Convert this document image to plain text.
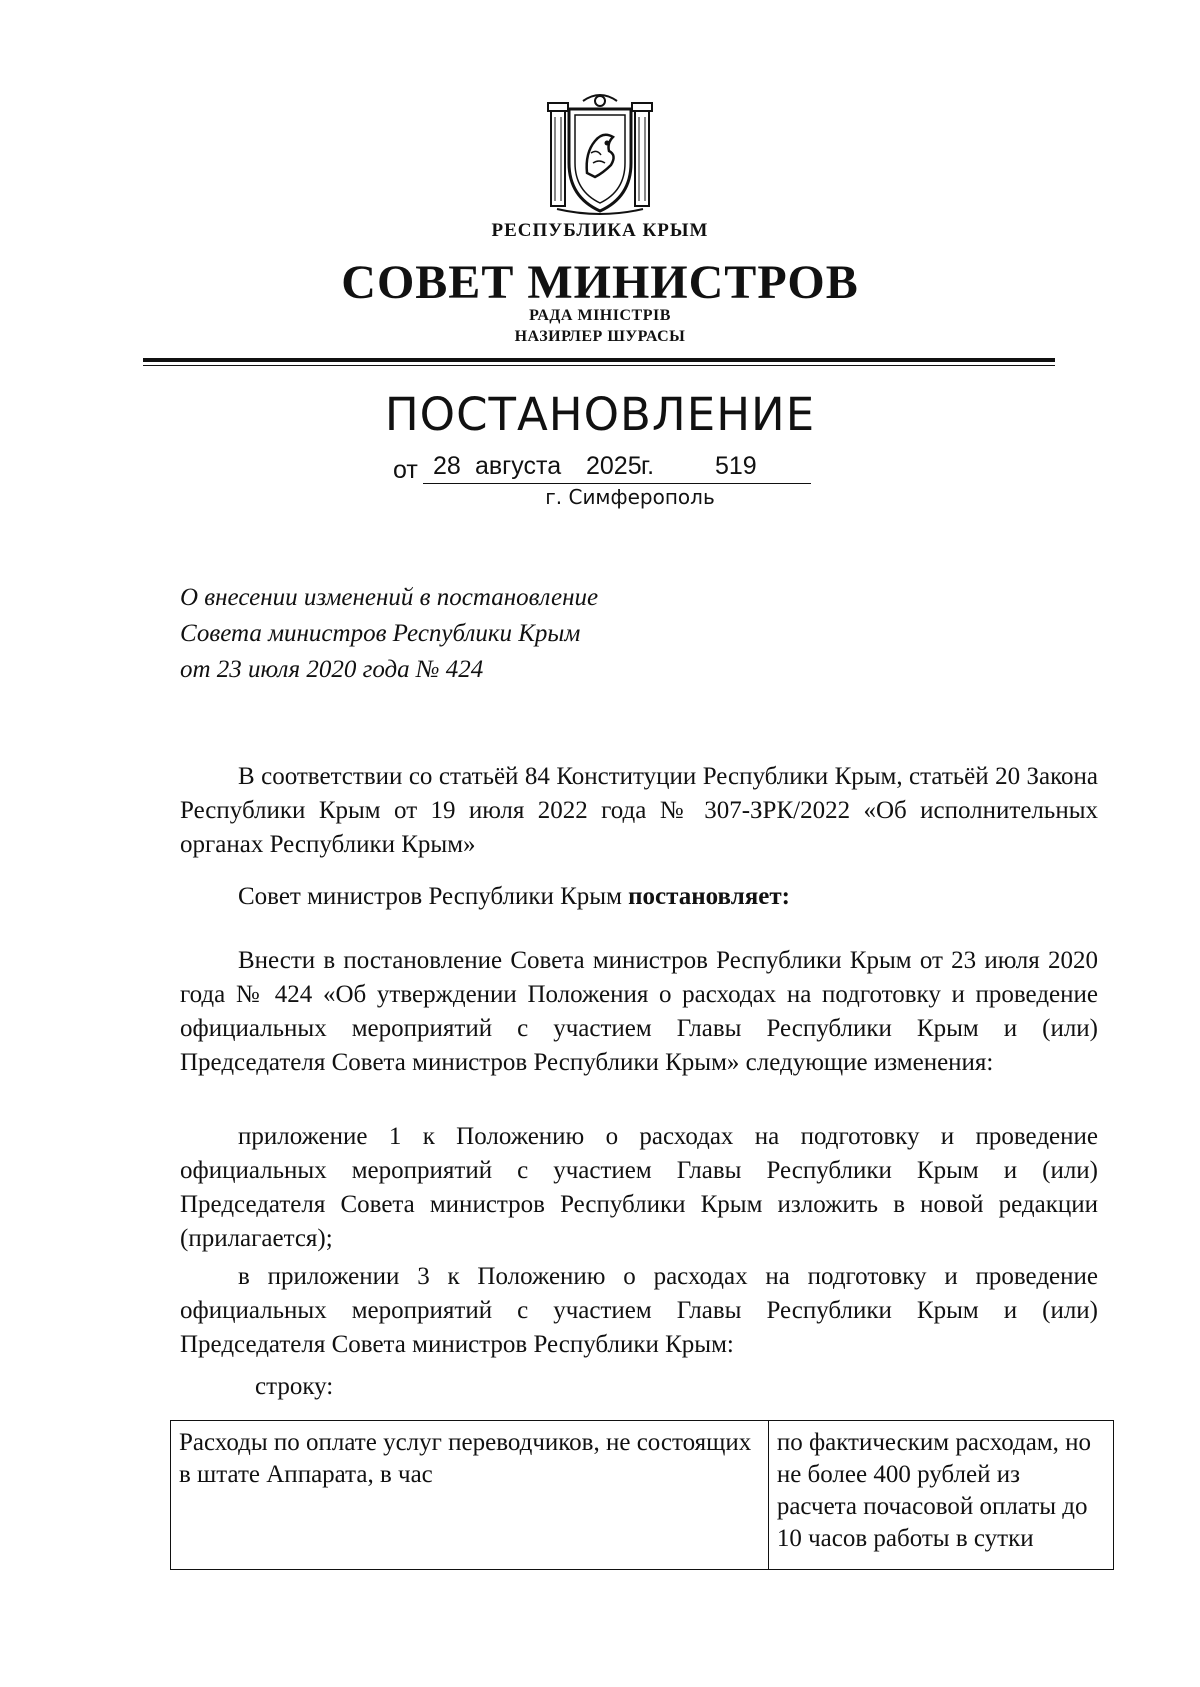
РЕСПУБЛИКА КРЫМ
СОВЕТ МИНИСТРОВ
РАДА МІНІСТРІВ
НАЗИРЛЕР ШУРАСЫ
ПОСТАНОВЛЕНИЕ
от 28 августа 2025 г. 519
г. Симферополь
О внесении изменений в постановление
Совета министров Республики Крым
от 23 июля 2020 года № 424
В соответствии со статьёй 84 Конституции Республики Крым, статьёй 20 Закона Республики Крым от 19 июля 2022 года № 307-ЗРК/2022 «Об исполнительных органах Республики Крым»
Совет министров Республики Крым постановляет:
Внести в постановление Совета министров Республики Крым от 23 июля 2020 года № 424 «Об утверждении Положения о расходах на подготовку и проведение официальных мероприятий с участием Главы Республики Крым и (или) Председателя Совета министров Республики Крым» следующие изменения:
приложение 1 к Положению о расходах на подготовку и проведение официальных мероприятий с участием Главы Республики Крым и (или) Председателя Совета министров Республики Крым изложить в новой редакции (прилагается);
в приложении 3 к Положению о расходах на подготовку и проведение официальных мероприятий с участием Главы Республики Крым и (или) Председателя Совета министров Республики Крым:
строку:
Расходы по оплате услуг переводчиков, не состоящих в штате Аппарата, в час	по фактическим расходам, но не более 400 рублей из расчета почасовой оплаты до 10 часов работы в сутки
